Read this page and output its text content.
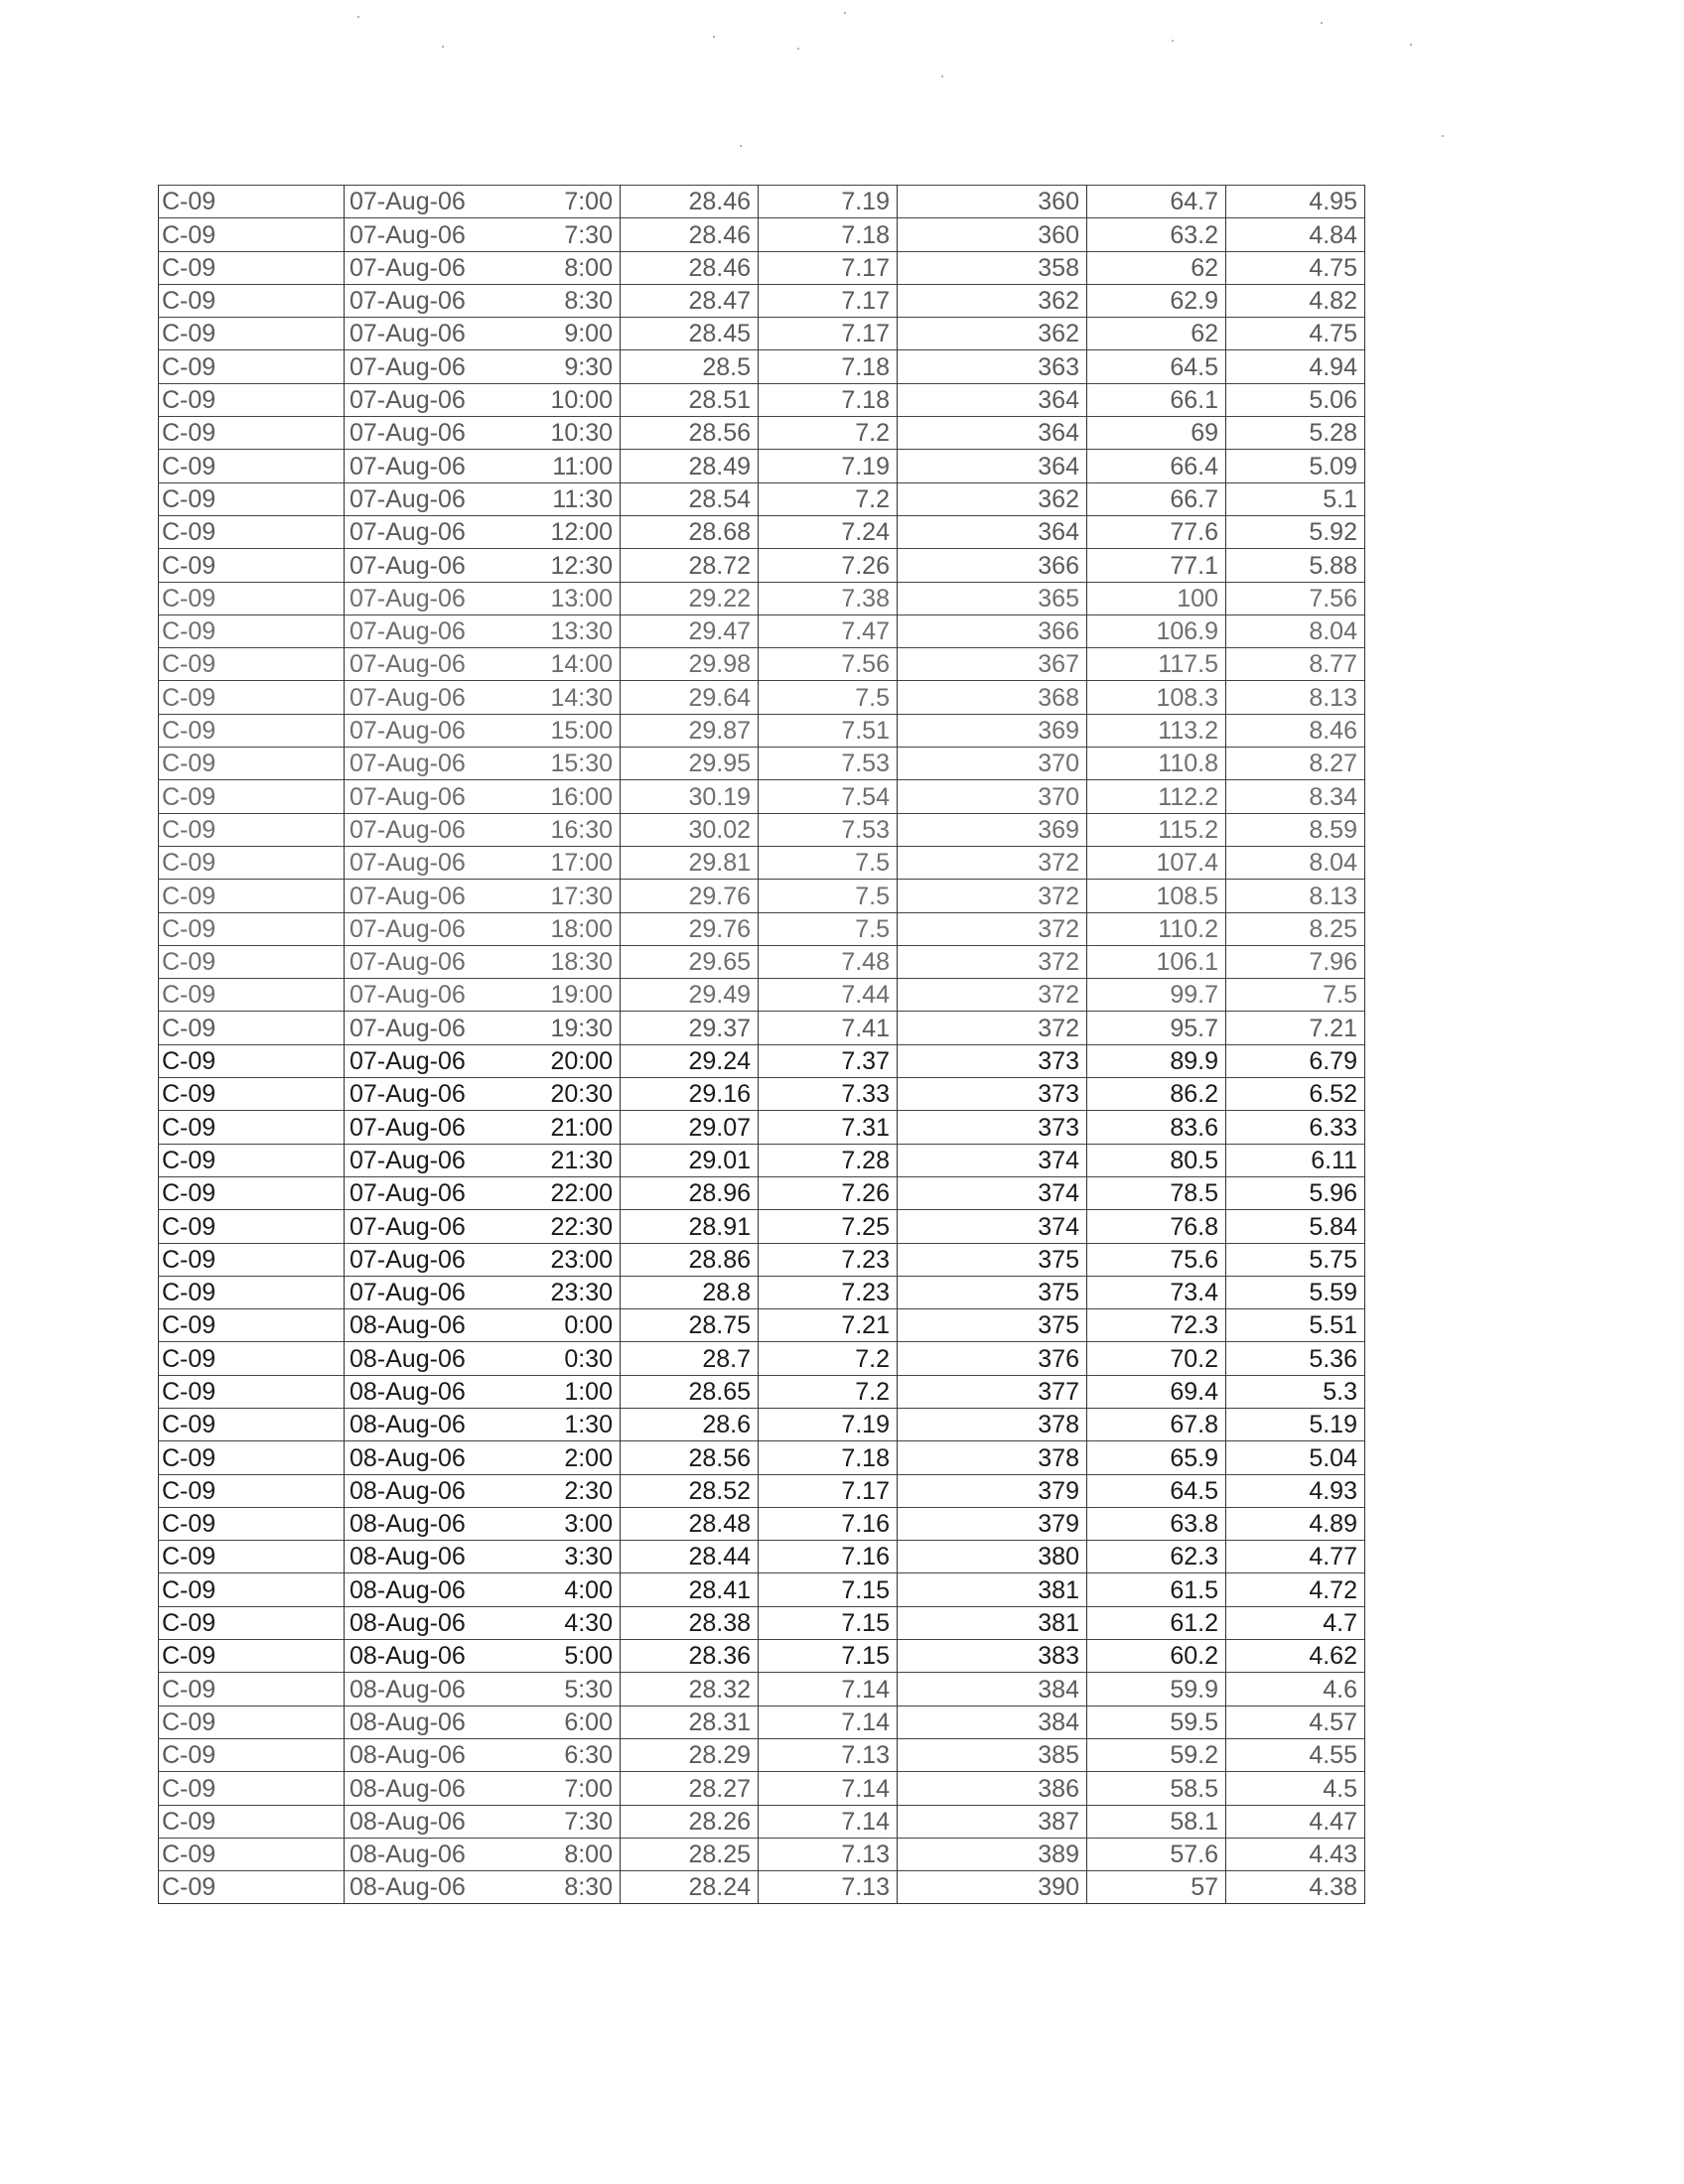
C-09	07-Aug-06	7:00	28.46	7.19	360	64.7	4.95
C-09	07-Aug-06	7:30	28.46	7.18	360	63.2	4.84
C-09	07-Aug-06	8:00	28.46	7.17	358	62	4.75
C-09	07-Aug-06	8:30	28.47	7.17	362	62.9	4.82
C-09	07-Aug-06	9:00	28.45	7.17	362	62	4.75
C-09	07-Aug-06	9:30	28.5	7.18	363	64.5	4.94
C-09	07-Aug-06	10:00	28.51	7.18	364	66.1	5.06
C-09	07-Aug-06	10:30	28.56	7.2	364	69	5.28
C-09	07-Aug-06	11:00	28.49	7.19	364	66.4	5.09
C-09	07-Aug-06	11:30	28.54	7.2	362	66.7	5.1
C-09	07-Aug-06	12:00	28.68	7.24	364	77.6	5.92
C-09	07-Aug-06	12:30	28.72	7.26	366	77.1	5.88
C-09	07-Aug-06	13:00	29.22	7.38	365	100	7.56
C-09	07-Aug-06	13:30	29.47	7.47	366	106.9	8.04
C-09	07-Aug-06	14:00	29.98	7.56	367	117.5	8.77
C-09	07-Aug-06	14:30	29.64	7.5	368	108.3	8.13
C-09	07-Aug-06	15:00	29.87	7.51	369	113.2	8.46
C-09	07-Aug-06	15:30	29.95	7.53	370	110.8	8.27
C-09	07-Aug-06	16:00	30.19	7.54	370	112.2	8.34
C-09	07-Aug-06	16:30	30.02	7.53	369	115.2	8.59
C-09	07-Aug-06	17:00	29.81	7.5	372	107.4	8.04
C-09	07-Aug-06	17:30	29.76	7.5	372	108.5	8.13
C-09	07-Aug-06	18:00	29.76	7.5	372	110.2	8.25
C-09	07-Aug-06	18:30	29.65	7.48	372	106.1	7.96
C-09	07-Aug-06	19:00	29.49	7.44	372	99.7	7.5
C-09	07-Aug-06	19:30	29.37	7.41	372	95.7	7.21
C-09	07-Aug-06	20:00	29.24	7.37	373	89.9	6.79
C-09	07-Aug-06	20:30	29.16	7.33	373	86.2	6.52
C-09	07-Aug-06	21:00	29.07	7.31	373	83.6	6.33
C-09	07-Aug-06	21:30	29.01	7.28	374	80.5	6.11
C-09	07-Aug-06	22:00	28.96	7.26	374	78.5	5.96
C-09	07-Aug-06	22:30	28.91	7.25	374	76.8	5.84
C-09	07-Aug-06	23:00	28.86	7.23	375	75.6	5.75
C-09	07-Aug-06	23:30	28.8	7.23	375	73.4	5.59
C-09	08-Aug-06	0:00	28.75	7.21	375	72.3	5.51
C-09	08-Aug-06	0:30	28.7	7.2	376	70.2	5.36
C-09	08-Aug-06	1:00	28.65	7.2	377	69.4	5.3
C-09	08-Aug-06	1:30	28.6	7.19	378	67.8	5.19
C-09	08-Aug-06	2:00	28.56	7.18	378	65.9	5.04
C-09	08-Aug-06	2:30	28.52	7.17	379	64.5	4.93
C-09	08-Aug-06	3:00	28.48	7.16	379	63.8	4.89
C-09	08-Aug-06	3:30	28.44	7.16	380	62.3	4.77
C-09	08-Aug-06	4:00	28.41	7.15	381	61.5	4.72
C-09	08-Aug-06	4:30	28.38	7.15	381	61.2	4.7
C-09	08-Aug-06	5:00	28.36	7.15	383	60.2	4.62
C-09	08-Aug-06	5:30	28.32	7.14	384	59.9	4.6
C-09	08-Aug-06	6:00	28.31	7.14	384	59.5	4.57
C-09	08-Aug-06	6:30	28.29	7.13	385	59.2	4.55
C-09	08-Aug-06	7:00	28.27	7.14	386	58.5	4.5
C-09	08-Aug-06	7:30	28.26	7.14	387	58.1	4.47
C-09	08-Aug-06	8:00	28.25	7.13	389	57.6	4.43
C-09	08-Aug-06	8:30	28.24	7.13	390	57	4.38
